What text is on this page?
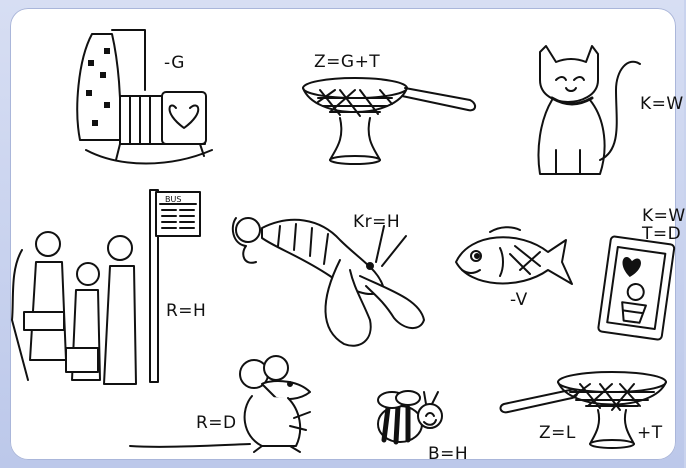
BUS
-G	Z=G+T
K=W
R=H
Kr=H
-V
K=W
T=D
R=D
B=H
Z=L	+T
